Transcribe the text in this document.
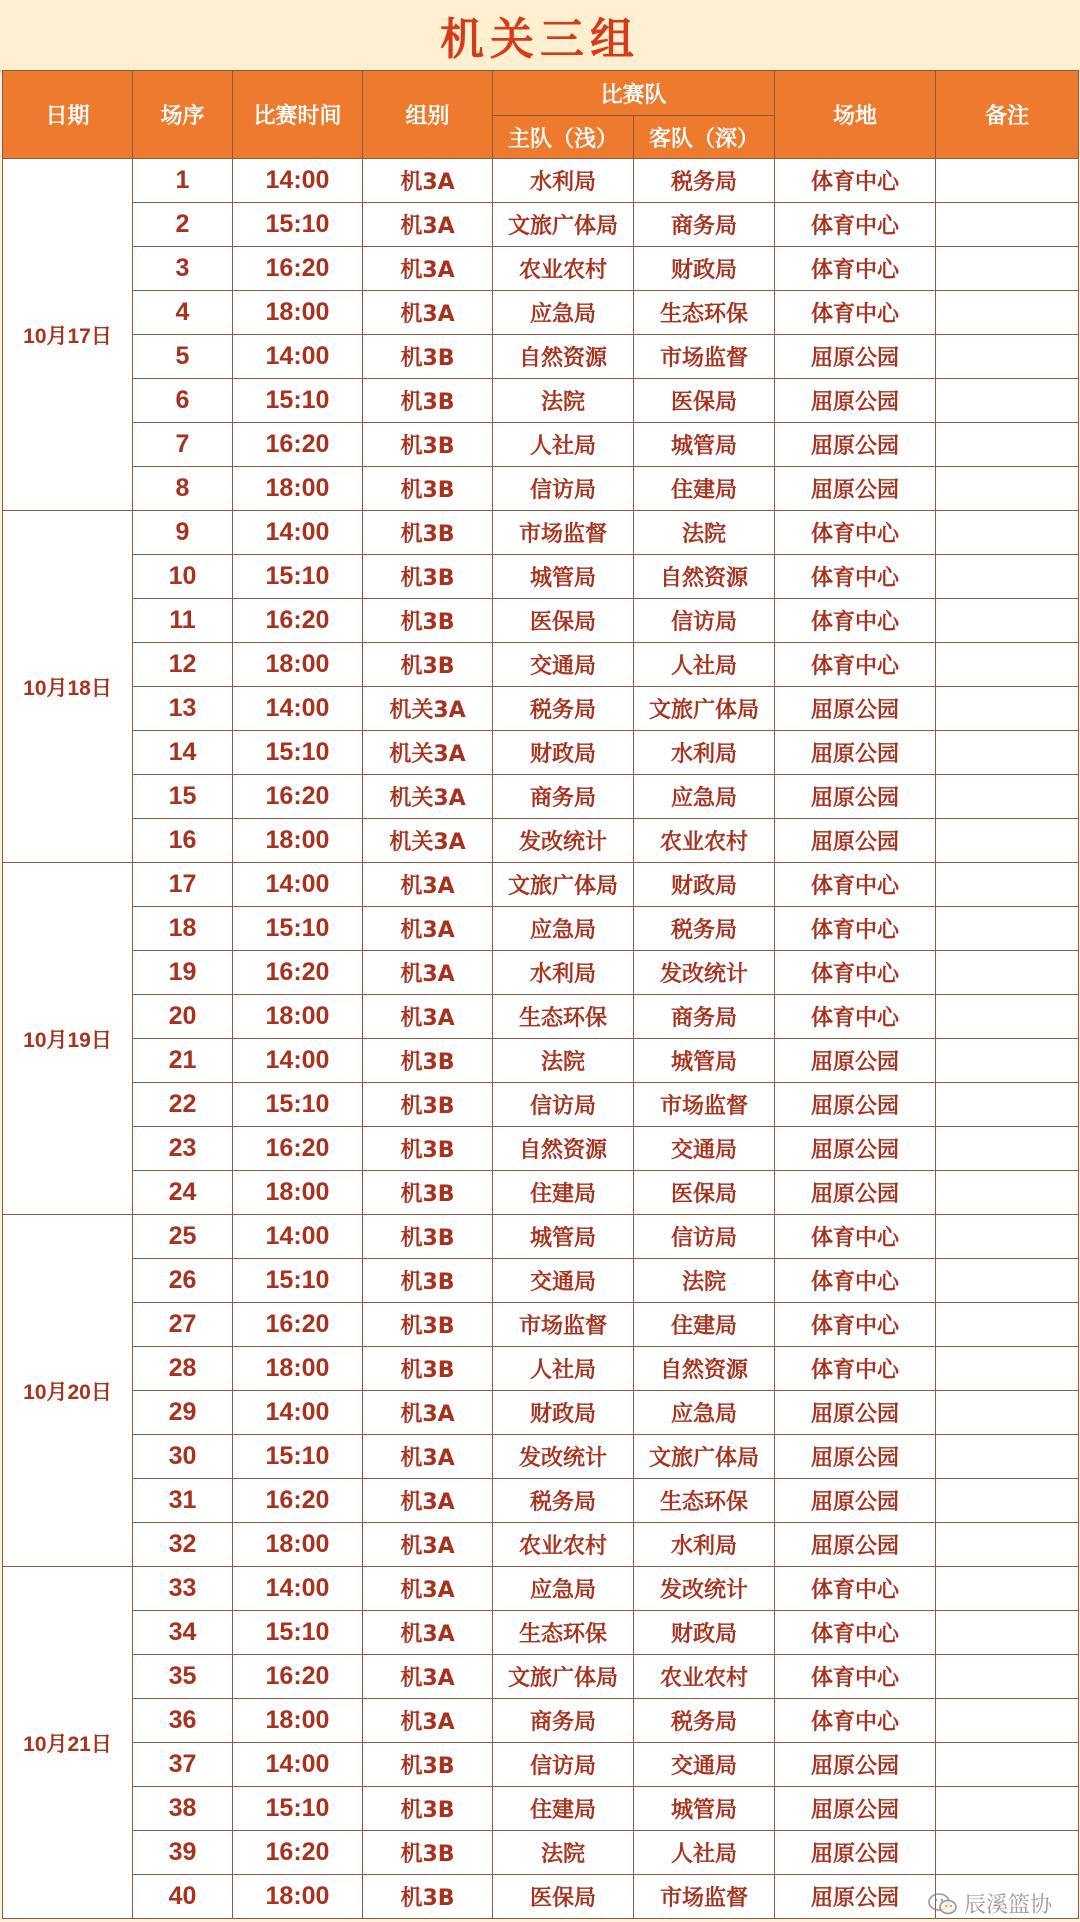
机关三组
日期	场序	比赛时间	组别	比赛队		场地	备注
				主队（浅）	客队（深）		
10月17日	1	14:00	机3A	水利局	税务局	体育中心	
	2	15:10	机3A	文旅广体局	商务局	体育中心	
	3	16:20	机3A	农业农村	财政局	体育中心	
	4	18:00	机3A	应急局	生态环保	体育中心	
	5	14:00	机3B	自然资源	市场监督	屈原公园	
	6	15:10	机3B	法院	医保局	屈原公园	
	7	16:20	机3B	人社局	城管局	屈原公园	
	8	18:00	机3B	信访局	住建局	屈原公园	
10月18日	9	14:00	机3B	市场监督	法院	体育中心	
	10	15:10	机3B	城管局	自然资源	体育中心	
	11	16:20	机3B	医保局	信访局	体育中心	
	12	18:00	机3B	交通局	人社局	体育中心	
	13	14:00	机关3A	税务局	文旅广体局	屈原公园	
	14	15:10	机关3A	财政局	水利局	屈原公园	
	15	16:20	机关3A	商务局	应急局	屈原公园	
	16	18:00	机关3A	发改统计	农业农村	屈原公园	
10月19日	17	14:00	机3A	文旅广体局	财政局	体育中心	
	18	15:10	机3A	应急局	税务局	体育中心	
	19	16:20	机3A	水利局	发改统计	体育中心	
	20	18:00	机3A	生态环保	商务局	体育中心	
	21	14:00	机3B	法院	城管局	屈原公园	
	22	15:10	机3B	信访局	市场监督	屈原公园	
	23	16:20	机3B	自然资源	交通局	屈原公园	
	24	18:00	机3B	住建局	医保局	屈原公园	
10月20日	25	14:00	机3B	城管局	信访局	体育中心	
	26	15:10	机3B	交通局	法院	体育中心	
	27	16:20	机3B	市场监督	住建局	体育中心	
	28	18:00	机3B	人社局	自然资源	体育中心	
	29	14:00	机3A	财政局	应急局	屈原公园	
	30	15:10	机3A	发改统计	文旅广体局	屈原公园	
	31	16:20	机3A	税务局	生态环保	屈原公园	
	32	18:00	机3A	农业农村	水利局	屈原公园	
10月21日	33	14:00	机3A	应急局	发改统计	体育中心	
	34	15:10	机3A	生态环保	财政局	体育中心	
	35	16:20	机3A	文旅广体局	农业农村	体育中心	
	36	18:00	机3A	商务局	税务局	体育中心	
	37	14:00	机3B	信访局	交通局	屈原公园	
	38	15:10	机3B	住建局	城管局	屈原公园	
	39	16:20	机3B	法院	人社局	屈原公园	
	40	18:00	机3B	医保局	市场监督	屈原公园		辰溪篮协
